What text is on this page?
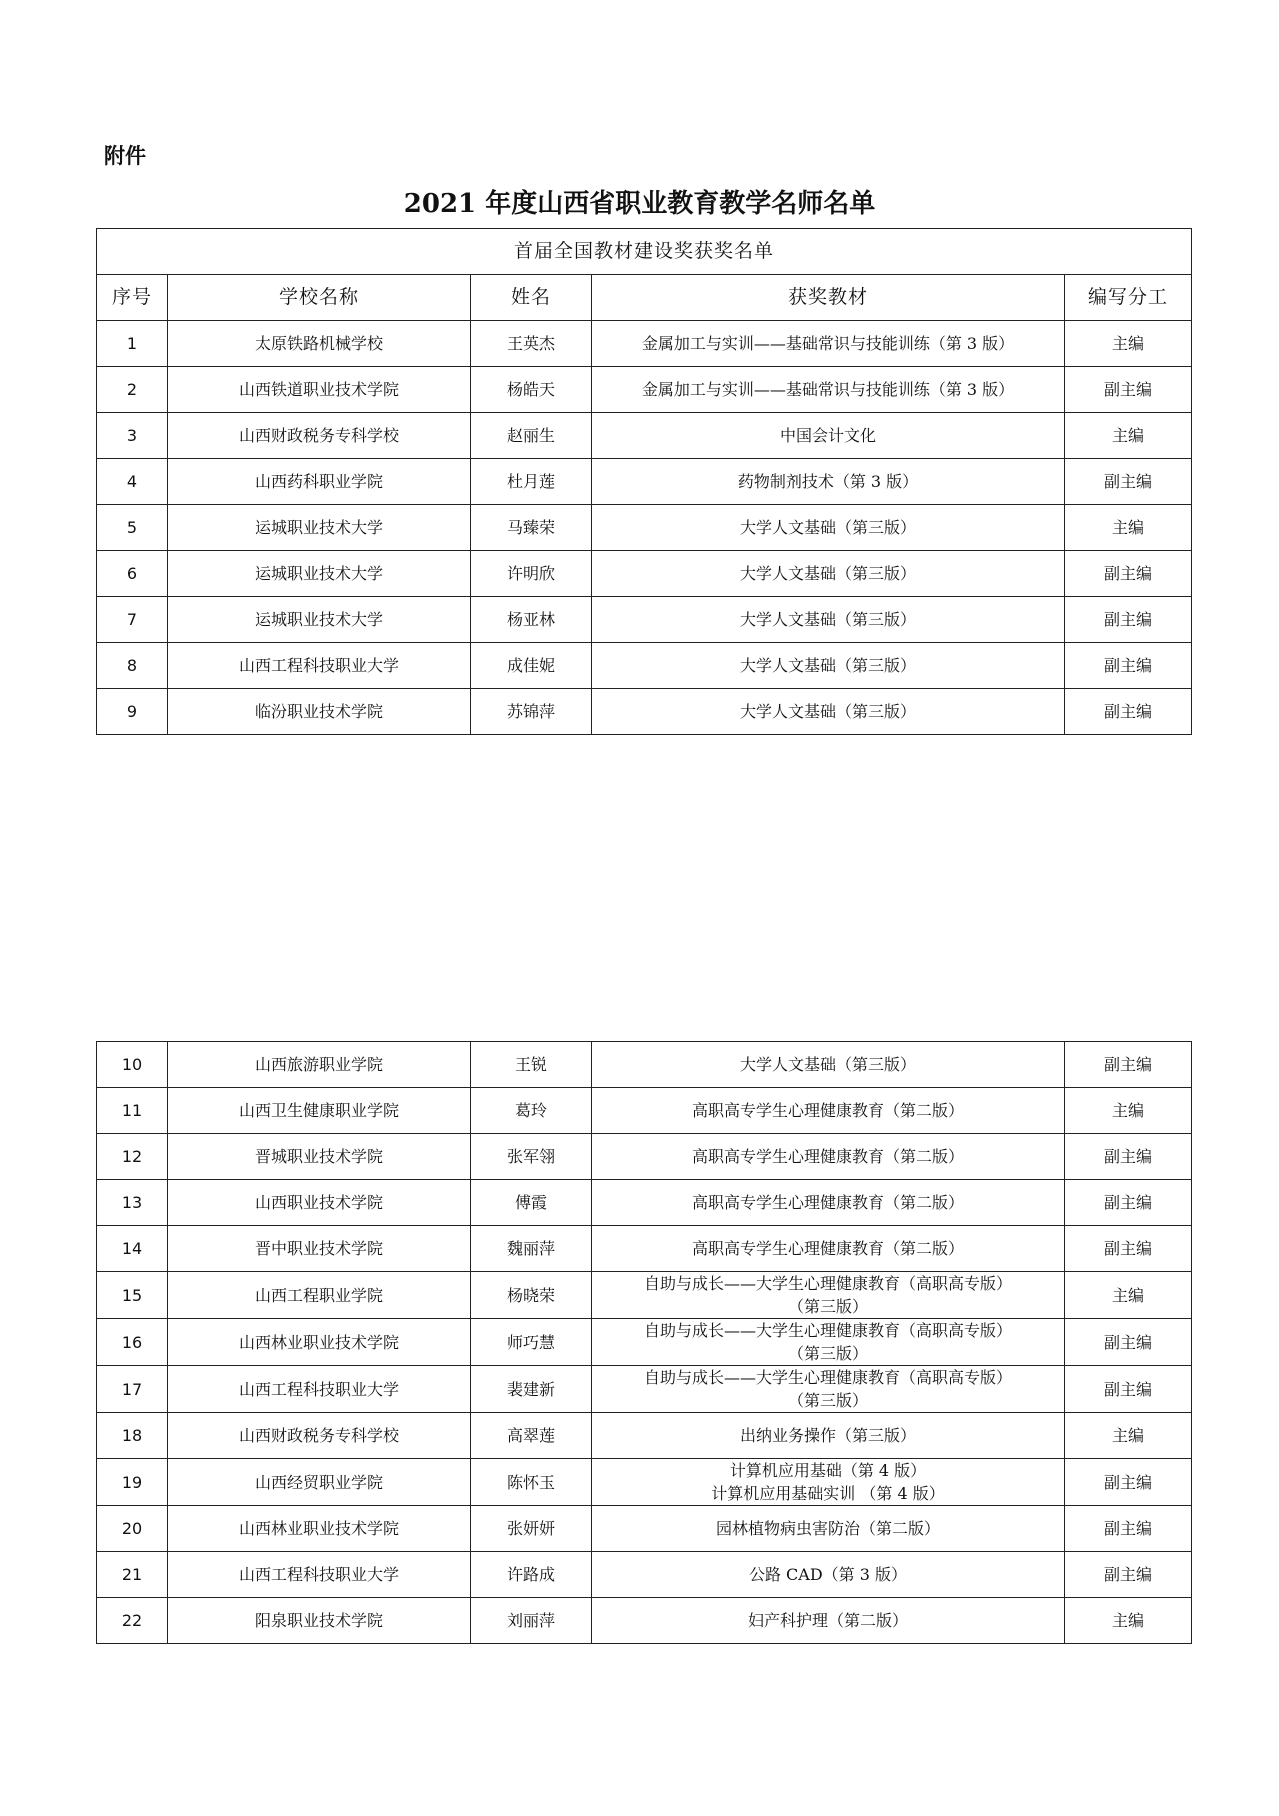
附件
2021 年度山西省职业教育教学名师名单
首届全国教材建设奖获奖名单				
序号	学校名称	姓名	获奖教材	编写分工
1	太原铁路机械学校	王英杰	金属加工与实训——基础常识与技能训练（第 3 版）	主编
2	山西铁道职业技术学院	杨皓天	金属加工与实训——基础常识与技能训练（第 3 版）	副主编
3	山西财政税务专科学校	赵丽生	中国会计文化	主编
4	山西药科职业学院	杜月莲	药物制剂技术（第 3 版）	副主编
5	运城职业技术大学	马臻荣	大学人文基础（第三版）	主编
6	运城职业技术大学	许明欣	大学人文基础（第三版）	副主编
7	运城职业技术大学	杨亚林	大学人文基础（第三版）	副主编
8	山西工程科技职业大学	成佳妮	大学人文基础（第三版）	副主编
9	临汾职业技术学院	苏锦萍	大学人文基础（第三版）	副主编
10	山西旅游职业学院	王锐	大学人文基础（第三版）	副主编
11	山西卫生健康职业学院	葛玲	高职高专学生心理健康教育（第二版）	主编
12	晋城职业技术学院	张军翎	高职高专学生心理健康教育（第二版）	副主编
13	山西职业技术学院	傅霞	高职高专学生心理健康教育（第二版）	副主编
14	晋中职业技术学院	魏丽萍	高职高专学生心理健康教育（第二版）	副主编
15	山西工程职业学院	杨晓荣	自助与成长——大学生心理健康教育（高职高专版）
（第三版）	主编
16	山西林业职业技术学院	师巧慧	自助与成长——大学生心理健康教育（高职高专版）
（第三版）	副主编
17	山西工程科技职业大学	裴建新	自助与成长——大学生心理健康教育（高职高专版）
（第三版）	副主编
18	山西财政税务专科学校	高翠莲	出纳业务操作（第三版）	主编
19	山西经贸职业学院	陈怀玉	计算机应用基础（第 4 版）
计算机应用基础实训 （第 4 版）	副主编
20	山西林业职业技术学院	张妍妍	园林植物病虫害防治（第二版）	副主编
21	山西工程科技职业大学	许路成	公路 CAD（第 3 版）	副主编
22	阳泉职业技术学院	刘丽萍	妇产科护理（第二版）	主编
